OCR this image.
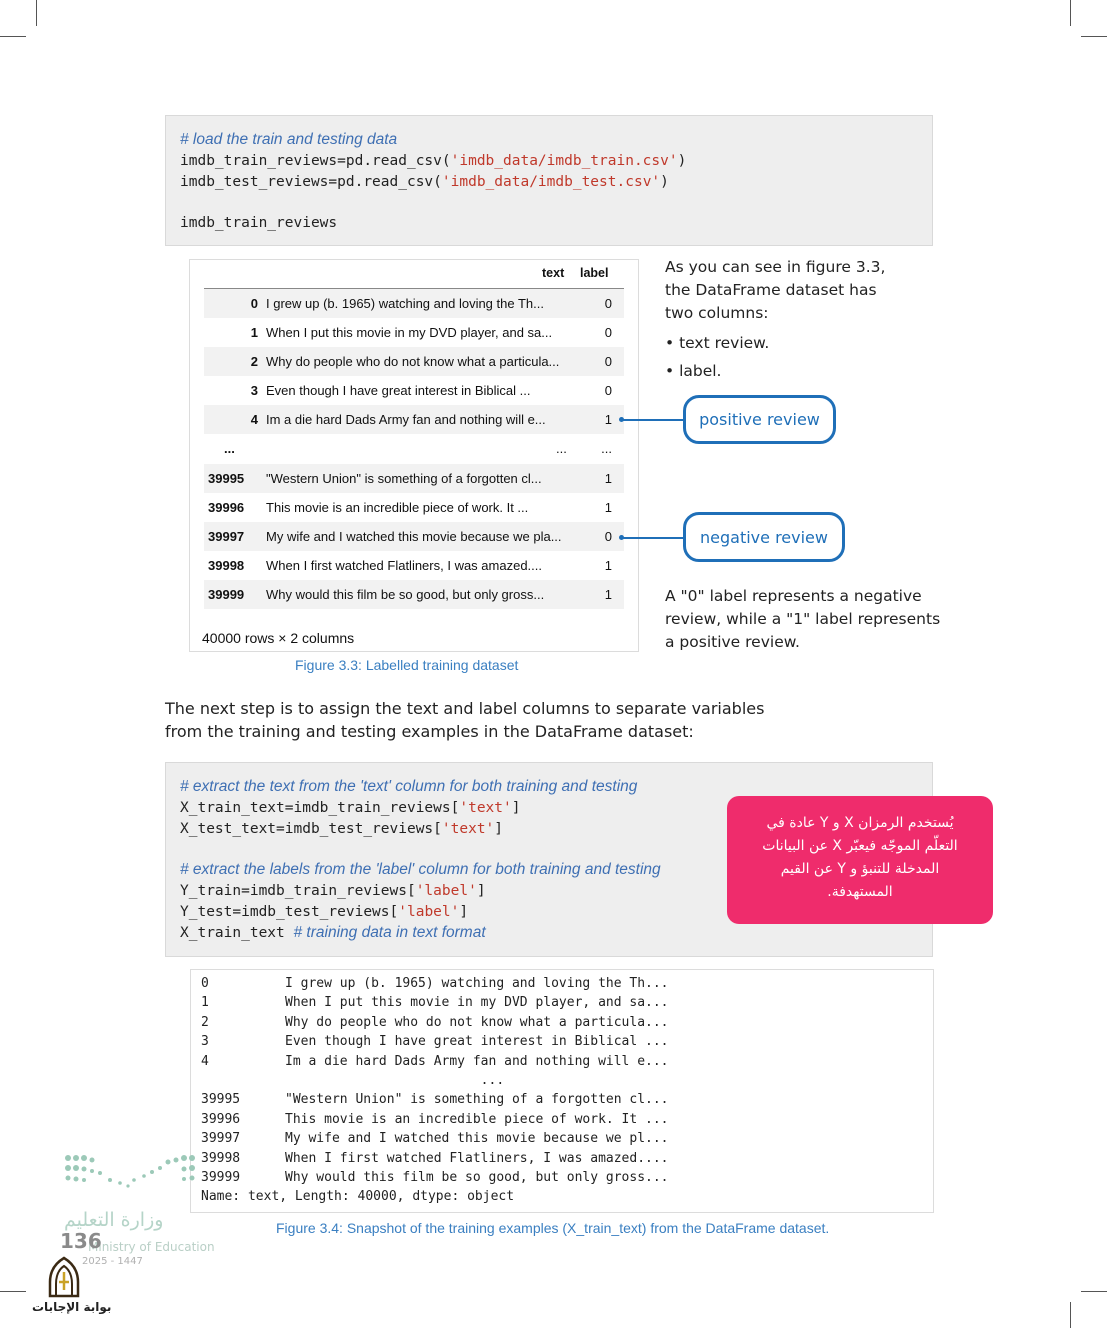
# load the train and testing data
imdb_train_reviews=pd.read_csv('imdb_data/imdb_train.csv')
imdb_test_reviews=pd.read_csv('imdb_data/imdb_test.csv')
imdb_train_reviews
text label
0 I grew up (b. 1965) watching and loving the Th...	0
1 When I put this movie in my DVD player, and sa...	0
2 Why do people who do not know what a particula...	0
3 Even though I have great interest in Biblical ...	0
4 Im a die hard Dads Army fan and nothing will e...	1
...	...	...
39995	"Western Union" is something of a forgotten cl...	1
39996	This movie is an incredible piece of work. It ...	1
39997	My wife and I watched this movie because we pla...	0
39998	When I first watched Flatliners, I was amazed....	1
39999	Why would this film be so good, but only gross...	1
40000 rows × 2 columns
Figure 3.3: Labelled training dataset
As you can see in figure 3.3,
the DataFrame dataset has
two columns:
• text review.
• label.
positive review
negative review
A "0" label represents a negative
review, while a "1" label represents
a positive review.
The next step is to assign the text and label columns to separate variables
from the training and testing examples in the DataFrame dataset:
# extract the text from the 'text' column for both training and testing
X_train_text=imdb_train_reviews['text']
X_test_text=imdb_test_reviews['text']
# extract the labels from the 'label' column for both training and testing
Y_train=imdb_train_reviews['label']
Y_test=imdb_test_reviews['label']
X_train_text # training data in text format
يُستخدم الرمزان X و Y عادة في التعلّم الموجّه فيعبّر X عن البيانات المدخلة للتنبؤ و Y عن القيم المستهدفة.
0	I grew up (b. 1965) watching and loving the Th...
1	When I put this movie in my DVD player, and sa...
2	Why do people who do not know what a particula...
3	Even though I have great interest in Biblical ...
4	Im a die hard Dads Army fan and nothing will e...
...
39995	"Western Union" is something of a forgotten cl...
39996	This movie is an incredible piece of work. It ...
39997	My wife and I watched this movie because we pl...
39998	When I first watched Flatliners, I was amazed....
39999	Why would this film be so good, but only gross...
Name: text, Length: 40000, dtype: object
Figure 3.4: Snapshot of the training examples (X_train_text) from the DataFrame dataset.
وزارة التعليم
Ministry of Education
136
2025 - 1447
بوابة الإجابات
